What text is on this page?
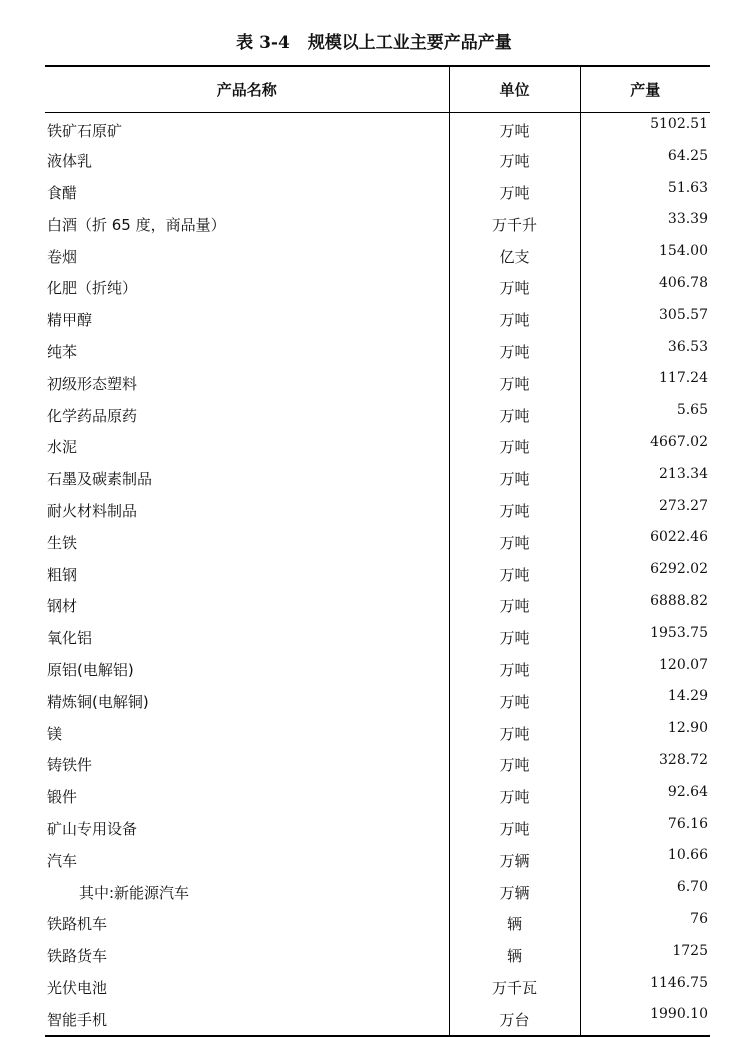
表 3-4 规模以上工业主要产品产量
产品名称	单位	产量
铁矿石原矿	万吨	5102.51
液体乳	万吨	64.25
食醋	万吨	51.63
白酒（折 65 度，商品量）	万千升	33.39
卷烟	亿支	154.00
化肥（折纯）	万吨	406.78
精甲醇	万吨	305.57
纯苯	万吨	36.53
初级形态塑料	万吨	117.24
化学药品原药	万吨	5.65
水泥	万吨	4667.02
石墨及碳素制品	万吨	213.34
耐火材料制品	万吨	273.27
生铁	万吨	6022.46
粗钢	万吨	6292.02
钢材	万吨	6888.82
氧化铝	万吨	1953.75
原铝(电解铝)	万吨	120.07
精炼铜(电解铜)	万吨	14.29
镁	万吨	12.90
铸铁件	万吨	328.72
锻件	万吨	92.64
矿山专用设备	万吨	76.16
汽车	万辆	10.66
其中:新能源汽车	万辆	6.70
铁路机车	辆	76
铁路货车	辆	1725
光伏电池	万千瓦	1146.75
智能手机	万台	1990.10
